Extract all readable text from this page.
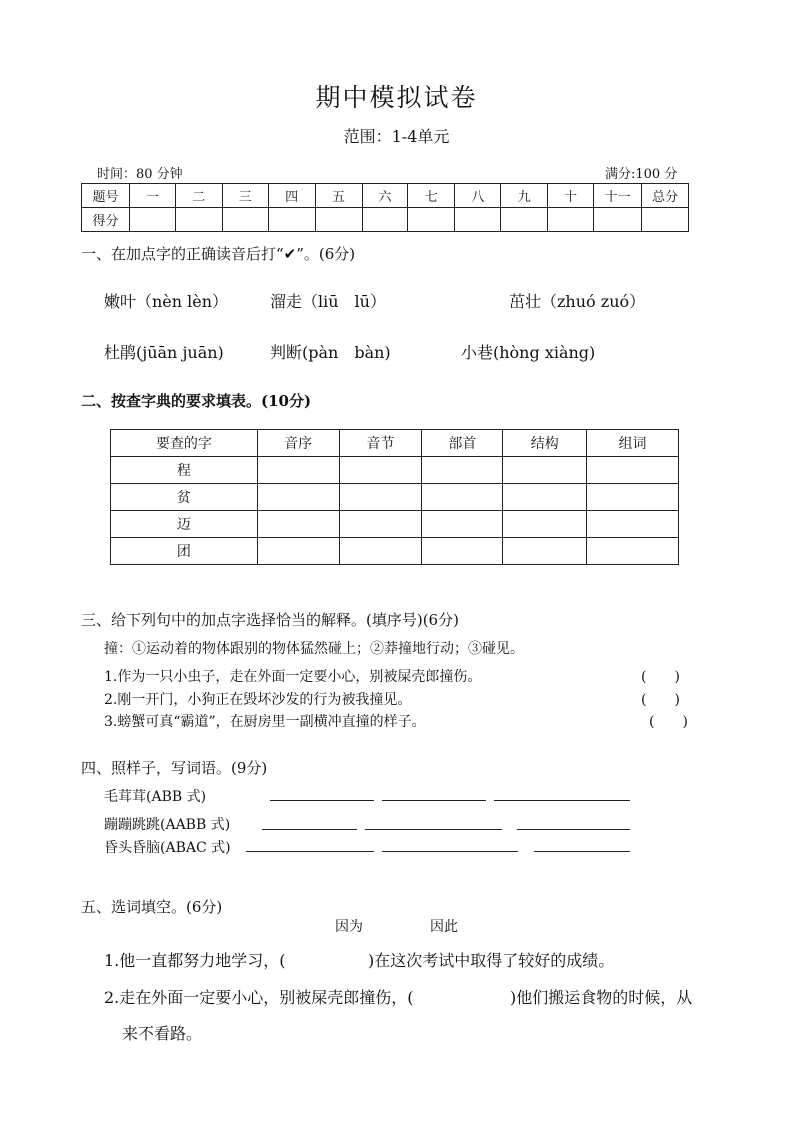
期中模拟试卷
范围：1-4单元
时间：80 分钟	满分:100 分
题号	一	二	三	四	五	六	七	八	九	十	十一	总分
得分												
一、在加点字的正确读音后打“✔”。(6分)
嫩叶（nèn lèn）	溜走（liū　lū）	茁壮（zhuó zuó）
杜鹃(jūān juān)	判断(pàn　bàn)	小巷(hòng xiàng)
二、按查字典的要求填表。(10分)
要查的字	音序	音节	部首	结构	组词
程					
贫					
迈					
团					
三、给下列句中的加点字选择恰当的解释。(填序号)(6分)
撞：①运动着的物体跟别的物体猛然碰上；②莽撞地行动；③碰见。
1.作为一只小虫子，走在外面一定要小心，别被屎壳郎撞伤。	(　　)
2.刚一开门，小狗正在毁坏沙发的行为被我撞见。	(　　)
3.螃蟹可真“霸道”，在厨房里一副横冲直撞的样子。	(　　)
四、照样子，写词语。(9分)
毛茸茸(ABB 式)
蹦蹦跳跳(AABB 式)
昏头昏脑(ABAC 式)
五、选词填空。(6分)
因为	因此
1.他一直都努力地学习，(	)在这次考试中取得了较好的成绩。
2.走在外面一定要小心，别被屎壳郎撞伤，(	)他们搬运食物的时候，从
来不看路。
